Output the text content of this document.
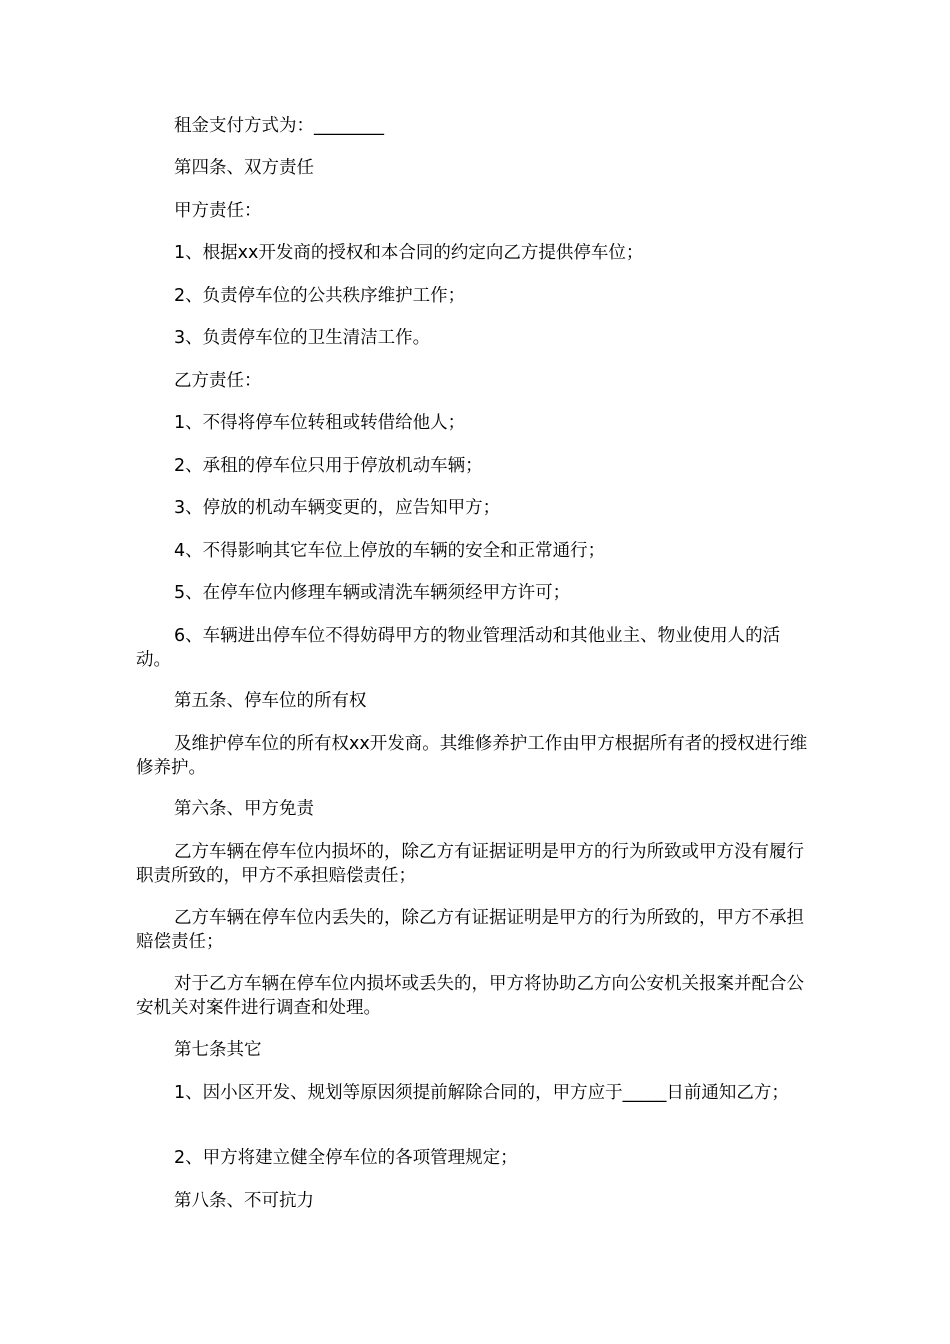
租金支付方式为：________

第四条、双方责任

甲方责任：

1、根据xx开发商的授权和本合同的约定向乙方提供停车位；

2、负责停车位的公共秩序维护工作；

3、负责停车位的卫生清洁工作。

乙方责任：

1、不得将停车位转租或转借给他人；

2、承租的停车位只用于停放机动车辆；

3、停放的机动车辆变更的，应告知甲方；

4、不得影响其它车位上停放的车辆的安全和正常通行；

5、在停车位内修理车辆或清洗车辆须经甲方许可；

6、车辆进出停车位不得妨碍甲方的物业管理活动和其他业主、物业使用人的活动。

第五条、停车位的所有权

及维护停车位的所有权xx开发商。其维修养护工作由甲方根据所有者的授权进行维修养护。

第六条、甲方免责

乙方车辆在停车位内损坏的，除乙方有证据证明是甲方的行为所致或甲方没有履行职责所致的，甲方不承担赔偿责任；

乙方车辆在停车位内丢失的，除乙方有证据证明是甲方的行为所致的，甲方不承担赔偿责任；

对于乙方车辆在停车位内损坏或丢失的，甲方将协助乙方向公安机关报案并配合公安机关对案件进行调查和处理。

第七条其它

1、因小区开发、规划等原因须提前解除合同的，甲方应于_____日前通知乙方；

2、甲方将建立健全停车位的各项管理规定；

第八条、不可抗力
